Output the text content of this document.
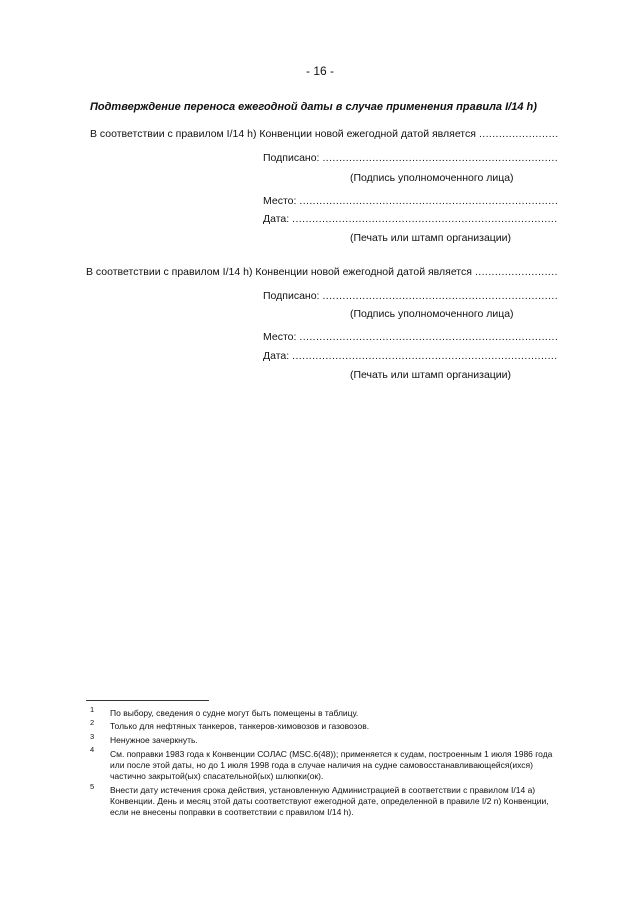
- 16 -
Подтверждение переноса ежегодной даты в случае применения правила I/14 h)
В соответствии с правилом I/14 h) Конвенции новой ежегодной датой является
.....
Подписано:
.....
(Подпись уполномоченного лица)
Место:
.....
Дата:
.....
(Печать или штамп организации)
В соответствии с правилом I/14 h) Конвенции новой ежегодной датой является
.....
Подписано:
.....
(Подпись уполномоченного лица)
Место:
.....
Дата:
.....
(Печать или штамп организации)
1 По выбору, сведения о судне могут быть помещены в таблицу.
2 Только для нефтяных танкеров, танкеров-химовозов и газовозов.
3 Ненужное зачеркнуть.
4 См. поправки 1983 года к Конвенции СОЛАС (MSC.6(48)); применяется к судам, построенным 1 июля 1986 года или после этой даты, но до 1 июля 1998 года в случае наличия на судне самовосстанавливающейся(ихся) частично закрытой(ых) спасательной(ых) шлюпки(ок).
5 Внести дату истечения срока действия, установленную Администрацией в соответствии с правилом I/14 a) Конвенции. День и месяц этой даты соответствуют ежегодной дате, определенной в правиле I/2 n) Конвенции, если не внесены поправки в соответствии с правилом I/14 h).
